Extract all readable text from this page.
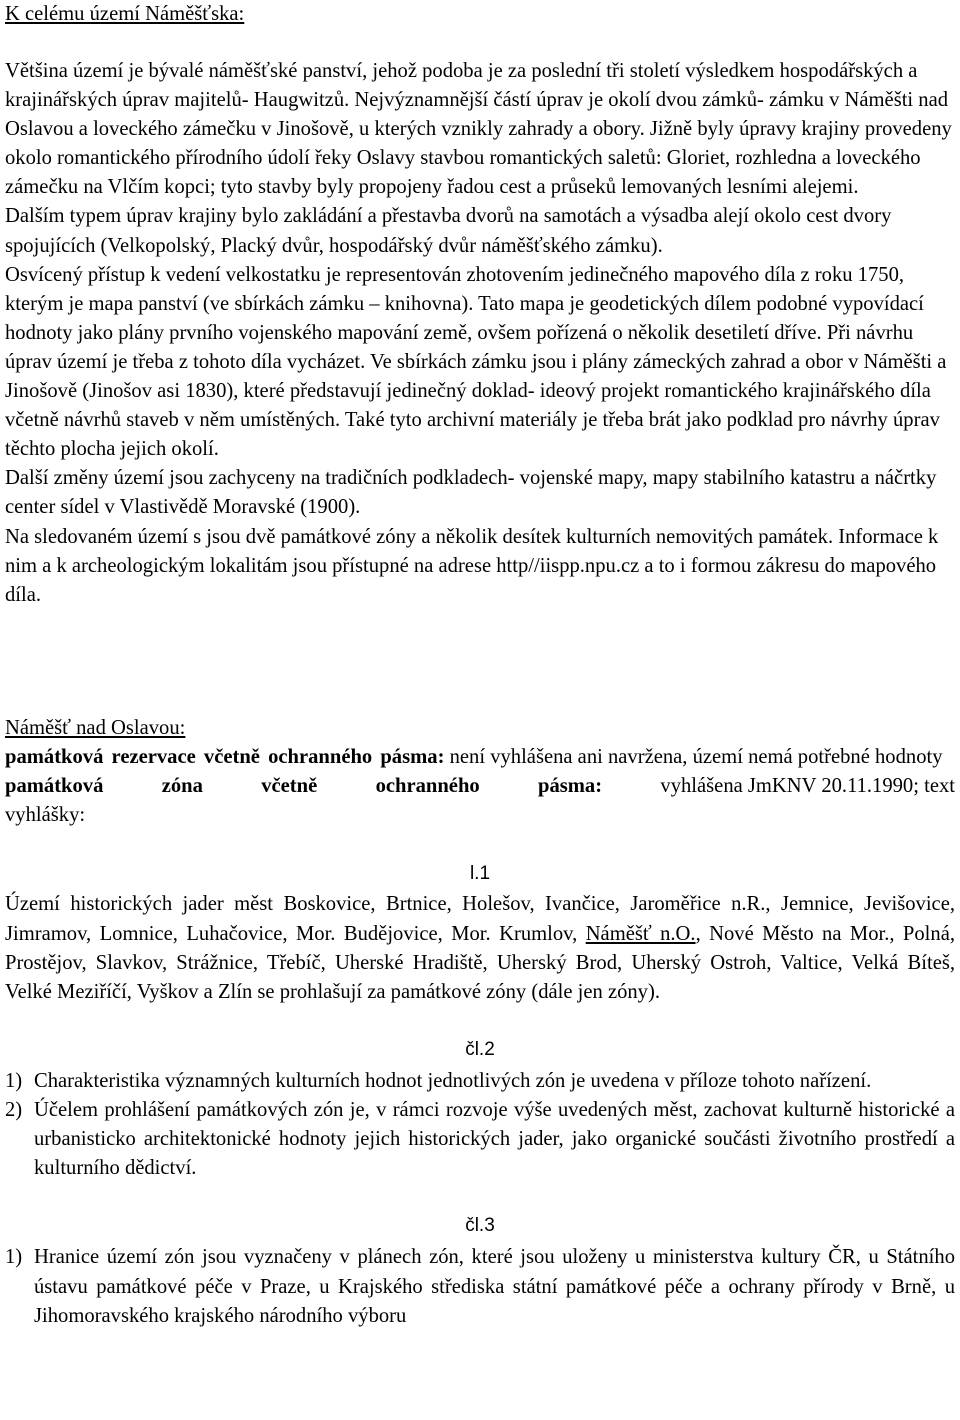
K celému území Náměšťska:

Většina území je bývalé náměšťské panství, jehož podoba je za poslední tři století výsledkem hospodářských a krajinářských úprav majitelů- Haugwitzů. Nejvýznamnější částí úprav je okolí dvou zámků- zámku v Náměšti nad Oslavou a loveckého zámečku v Jinošově, u kterých vznikly zahrady a obory. Jižně byly úpravy krajiny provedeny okolo romantického přírodního údolí řeky Oslavy stavbou romantických saletů: Gloriet, rozhledna a loveckého zámečku na Vlčím kopci; tyto stavby byly propojeny řadou cest a průseků lemovaných lesními alejemi.

Dalším typem úprav krajiny bylo zakládání a přestavba dvorů na samotách a výsadba alejí okolo cest dvory spojujících (Velkopolský, Placký dvůr, hospodářský dvůr náměšťského zámku).

Osvícený přístup k vedení velkostatku je representován zhotovením jedinečného mapového díla z roku 1750, kterým je mapa panství (ve sbírkách zámku – knihovna). Tato mapa je geodetických dílem podobné vypovídací hodnoty jako plány prvního vojenského mapování země, ovšem pořízená o několik desetiletí dříve. Při návrhu úprav území je třeba z tohoto díla vycházet. Ve sbírkách zámku jsou i plány zámeckých zahrad a obor v Náměšti a Jinošově (Jinošov asi 1830), které představují jedinečný doklad- ideový projekt romantického krajinářského díla včetně návrhů staveb v něm umístěných. Také tyto archivní materiály je třeba brát jako podklad pro návrhy úprav těchto plocha jejich okolí.

Další změny území jsou zachyceny na tradičních podkladech- vojenské mapy, mapy stabilního katastru a náčrtky center sídel v Vlastivědě Moravské (1900).

Na sledovaném území s jsou dvě památkové zóny a několik desítek kulturních nemovitých památek. Informace k nim a k archeologickým lokalitám jsou přístupné na adrese http//iispp.npu.cz a to i formou zákresu do mapového díla.

Náměšť nad Oslavou:

památková rezervace včetně ochranného pásma: není vyhlášena ani navržena, území nemá potřebné hodnoty

památková	zóna	včetně	ochranného	pásma:	vyhlášena JmKNV 20.11.1990; text

vyhlášky:

l.1

Území historických jader měst Boskovice, Brtnice, Holešov, Ivančice, Jaroměřice n.R., Jemnice, Jevišovice, Jimramov, Lomnice, Luhačovice, Mor. Budějovice, Mor. Krumlov, Náměšť n.O., Nové Město na Mor., Polná, Prostějov, Slavkov, Strážnice, Třebíč, Uherské Hradiště, Uherský Brod, Uherský Ostroh, Valtice, Velká Bíteš, Velké Meziříčí, Vyškov a Zlín se prohlašují za památkové zóny (dále jen zóny).

čl.2

1) Charakteristika významných kulturních hodnot jednotlivých zón je uvedena v příloze tohoto nařízení.
2) Účelem prohlášení památkových zón je, v rámci rozvoje výše uvedených měst, zachovat kulturně historické a urbanisticko architektonické hodnoty jejich historických jader, jako organické součásti životního prostředí a kulturního dědictví.

čl.3

1) Hranice území zón jsou vyznačeny v plánech zón, které jsou uloženy u ministerstva kultury ČR, u Státního ústavu památkové péče v Praze, u Krajského střediska státní památkové péče a ochrany přírody v Brně, u Jihomoravského krajského národního výboru
